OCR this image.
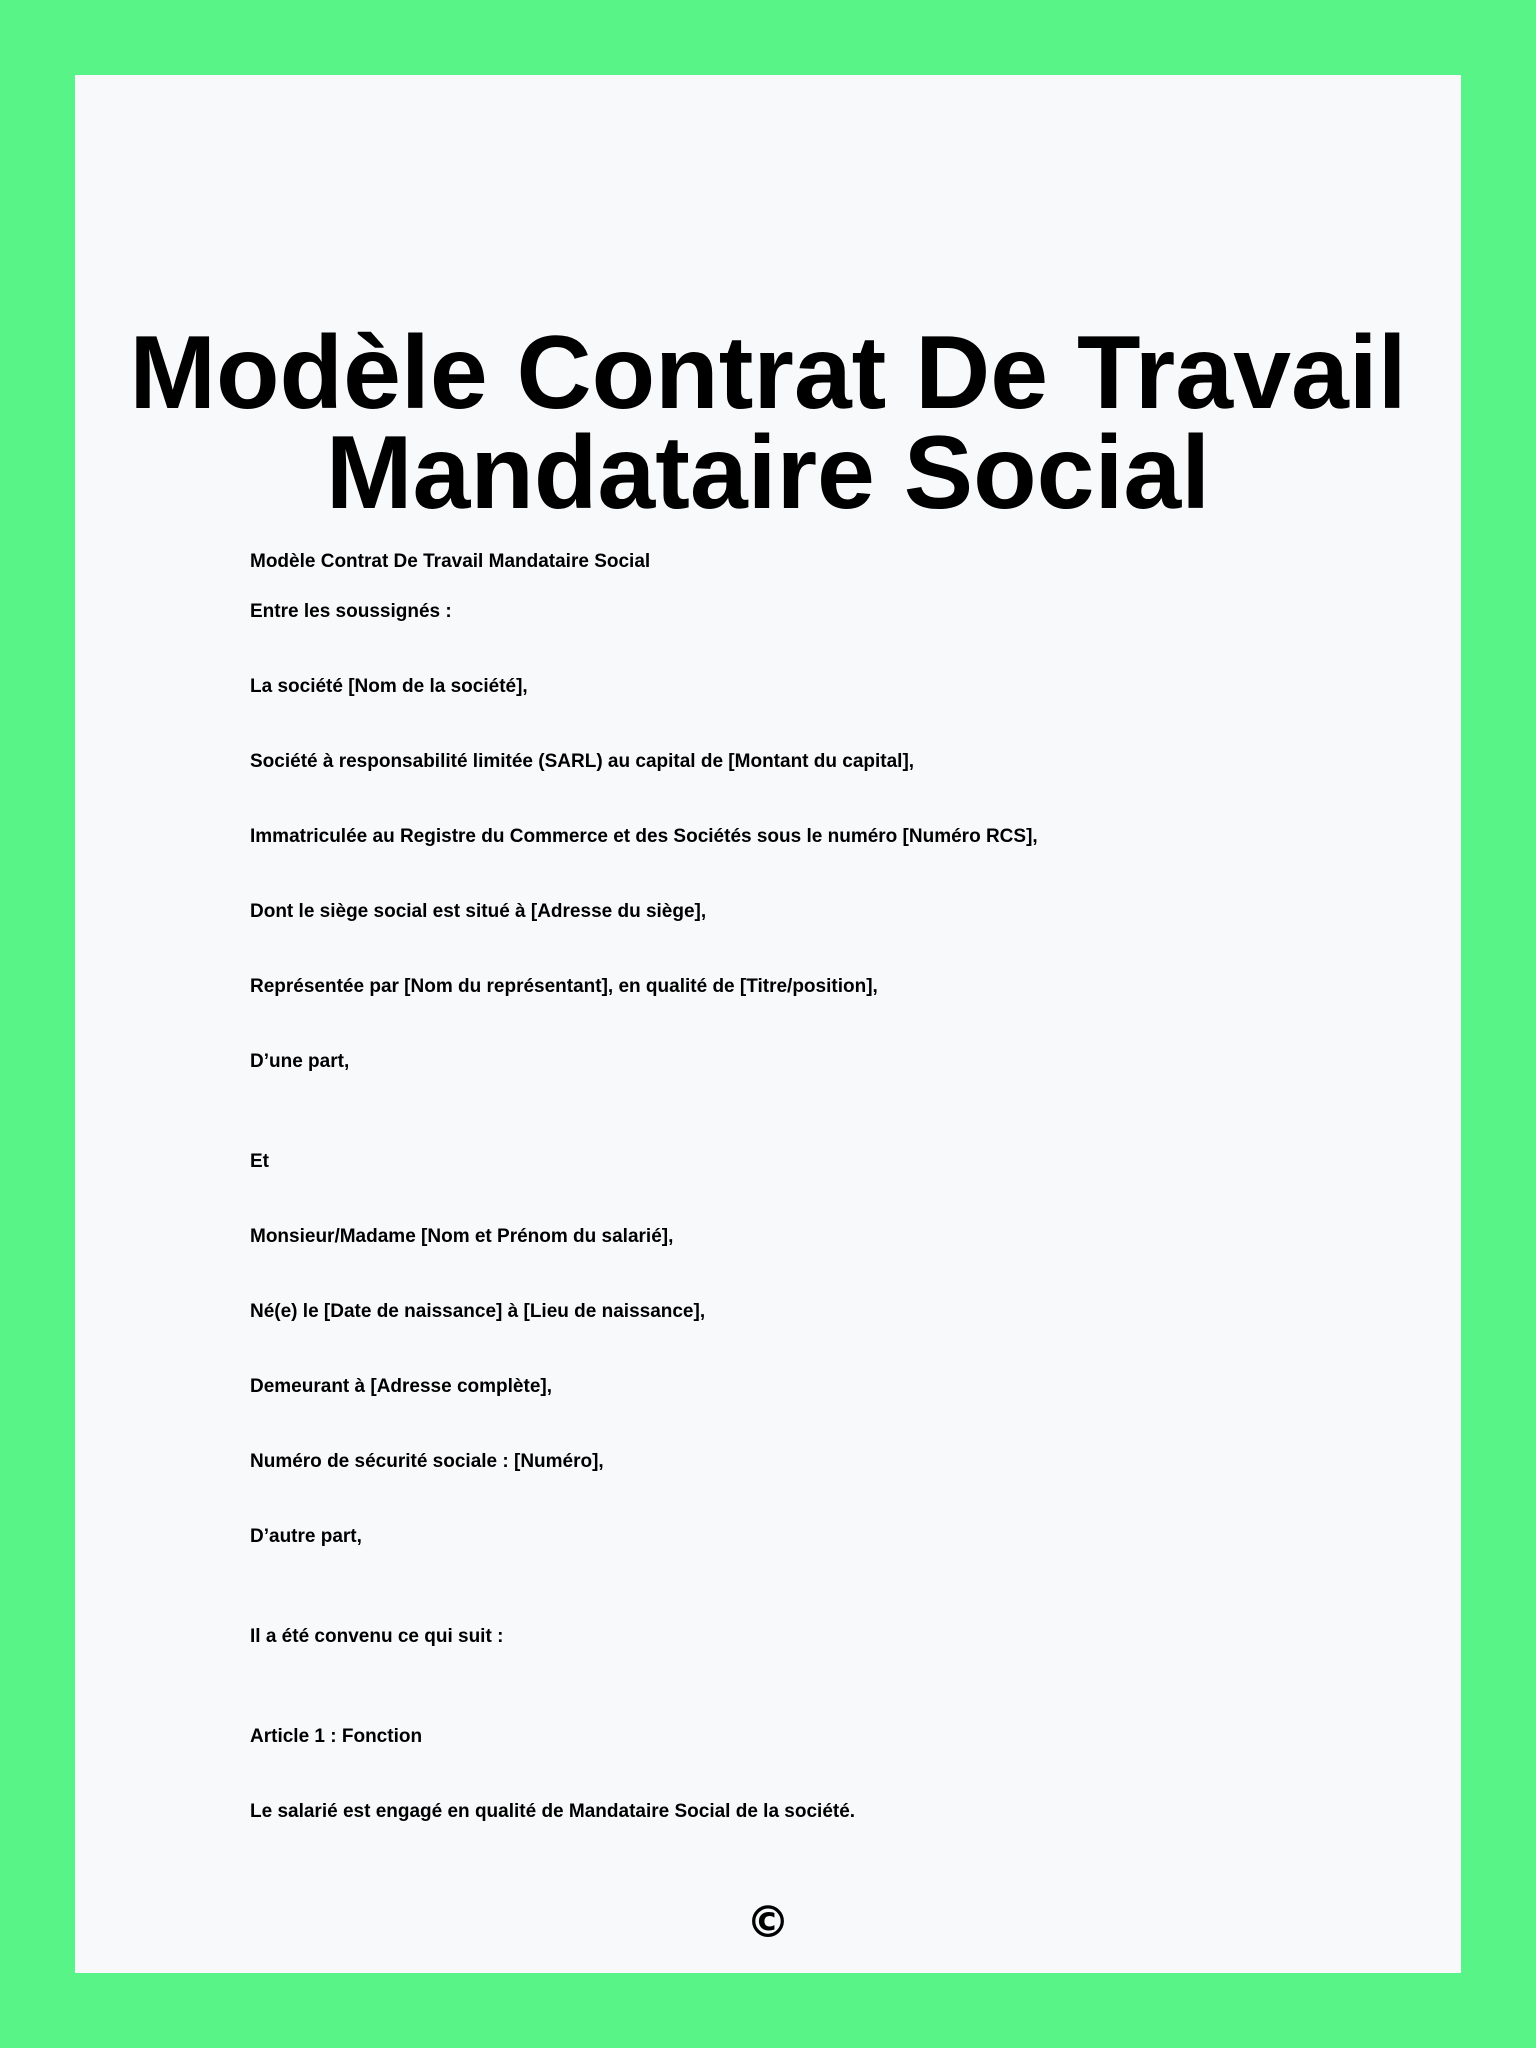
Modèle Contrat De Travail
Mandataire Social
Modèle Contrat De Travail Mandataire Social
Entre les soussignés :
La société [Nom de la société],
Société à responsabilité limitée (SARL) au capital de [Montant du capital],
Immatriculée au Registre du Commerce et des Sociétés sous le numéro [Numéro RCS],
Dont le siège social est situé à [Adresse du siège],
Représentée par [Nom du représentant], en qualité de [Titre/position],
D’une part,
Et
Monsieur/Madame [Nom et Prénom du salarié],
Né(e) le [Date de naissance] à [Lieu de naissance],
Demeurant à [Adresse complète],
Numéro de sécurité sociale : [Numéro],
D’autre part,
Il a été convenu ce qui suit :
Article 1 : Fonction
Le salarié est engagé en qualité de Mandataire Social de la société.
©
